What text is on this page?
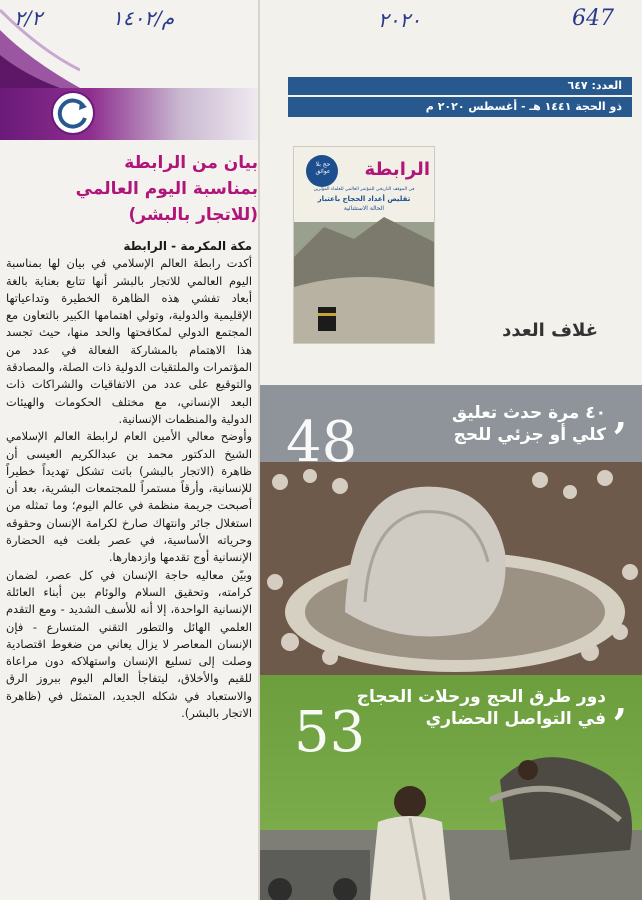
٢/٢	م/١٤٠٢
بيان من الرابطة
بمناسبة اليوم العالمي
(للاتجار بالبشر)
مكة المكرمة - الرابطة
أكدت رابطة العالم الإسلامي في بيان لها بمناسبة اليوم العالمي للاتجار بالبشر أنها تتابع بعناية بالغة أبعاد تفشي هذه الظاهرة الخطيرة وتداعياتها الإقليمية والدولية، وتولي اهتمامها الكبير بالتعاون مع المجتمع الدولي لمكافحتها والحد منها، حيث تجسد هذا الاهتمام بالمشاركة الفعالة في عدد من المؤتمرات والملتقيات الدولية ذات الصلة، والمصادقة والتوقيع على عدد من الاتفاقيات والشراكات ذات البعد الإنساني، مع مختلف الحكومات والهيئات الدولية والمنظمات الإنسانية.
وأوضح معالي الأمين العام لرابطة العالم الإسلامي الشيخ الدكتور محمد بن عبدالكريم العيسى أن ظاهرة (الاتجار بالبشر) باتت تشكل تهديداً خطيراً للإنسانية، وأرقاً مستمراً للمجتمعات البشرية، بعد أن أصبحت جريمة منظمة في عالم اليوم؛ وما تمثله من استغلال جائر وانتهاك صارخ لكرامة الإنسان وحقوقه وحرياته الأساسية، في عصر بلغت فيه الحضارة الإنسانية أوج تقدمها وازدهارها.
وبيّن معاليه حاجة الإنسان في كل عصر، لضمان كرامته، وتحقيق السلام والوئام بين أبناء العائلة الإنسانية الواحدة، إلا أنه للأسف الشديد - ومع التقدم العلمي الهائل والتطور التقني المتسارع - فإن الإنسان المعاصر لا يزال يعاني من ضغوط اقتصادية وصلت إلى تسليع الإنسان واستهلاكه دون مراعاة للقيم والأخلاق، ليتفاجأ العالم اليوم ببروز الرق والاستعباد في شكله الجديد، المتمثل في (ظاهرة الاتجار بالبشر).
٢٠٢٠	647
العدد: ٦٤٧
ذو الحجة ١٤٤١ هـ - أغسطس ٢٠٢٠ م
حج بلا عوائق الرابطة
في الموقف التاريخي للمؤتمر العالمي للعلماء المؤثرين
تقليص أعداد الحجاج باعتبار
الحالة الاستثنائية
غلاف العدد
,
٤٠ مرة حدث تعليق
كلي أو جزئي للحج
48
,
دور طرق الحج ورحلات الحجاج
في التواصل الحضاري
53
